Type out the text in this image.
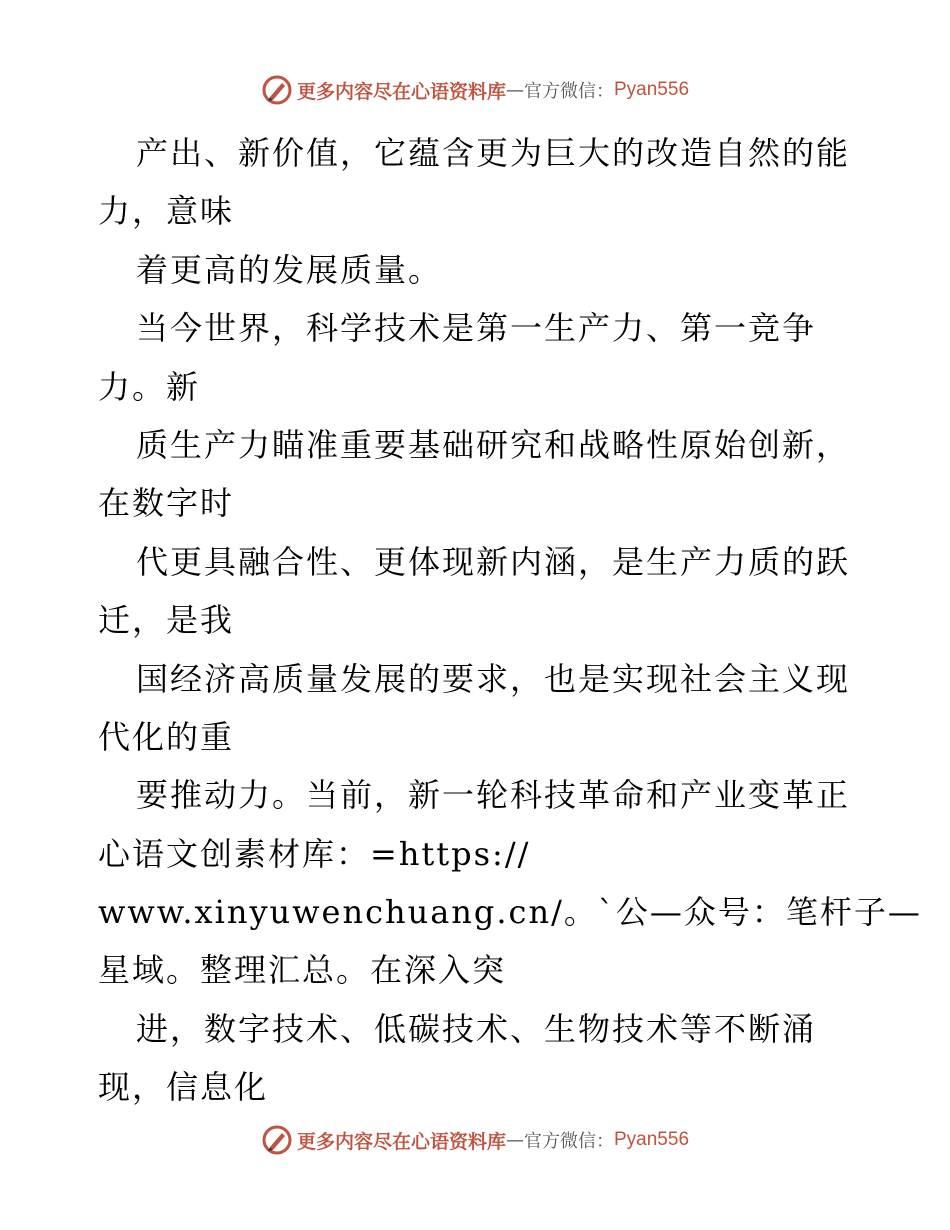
更多内容尽在心语资料库 — 官方微信： Pyan556
产出、新价值，它蕴含更为巨大的改造自然的能
力，意味
着更高的发展质量。
当今世界，科学技术是第一生产力、第一竞争
力。新
质生产力瞄准重要基础研究和战略性原始创新，
在数字时
代更具融合性、更体现新内涵，是生产力质的跃
迁，是我
国经济高质量发展的要求，也是实现社会主义现
代化的重
要推动力。当前，新一轮科技革命和产业变革正
心语文创素材库：=https://
www.xinyuwenchuang.cn/。`公—众号：笔杆子—
星域。整理汇总。在深入突
进，数字技术、低碳技术、生物技术等不断涌
现，信息化
更多内容尽在心语资料库 — 官方微信： Pyan556
